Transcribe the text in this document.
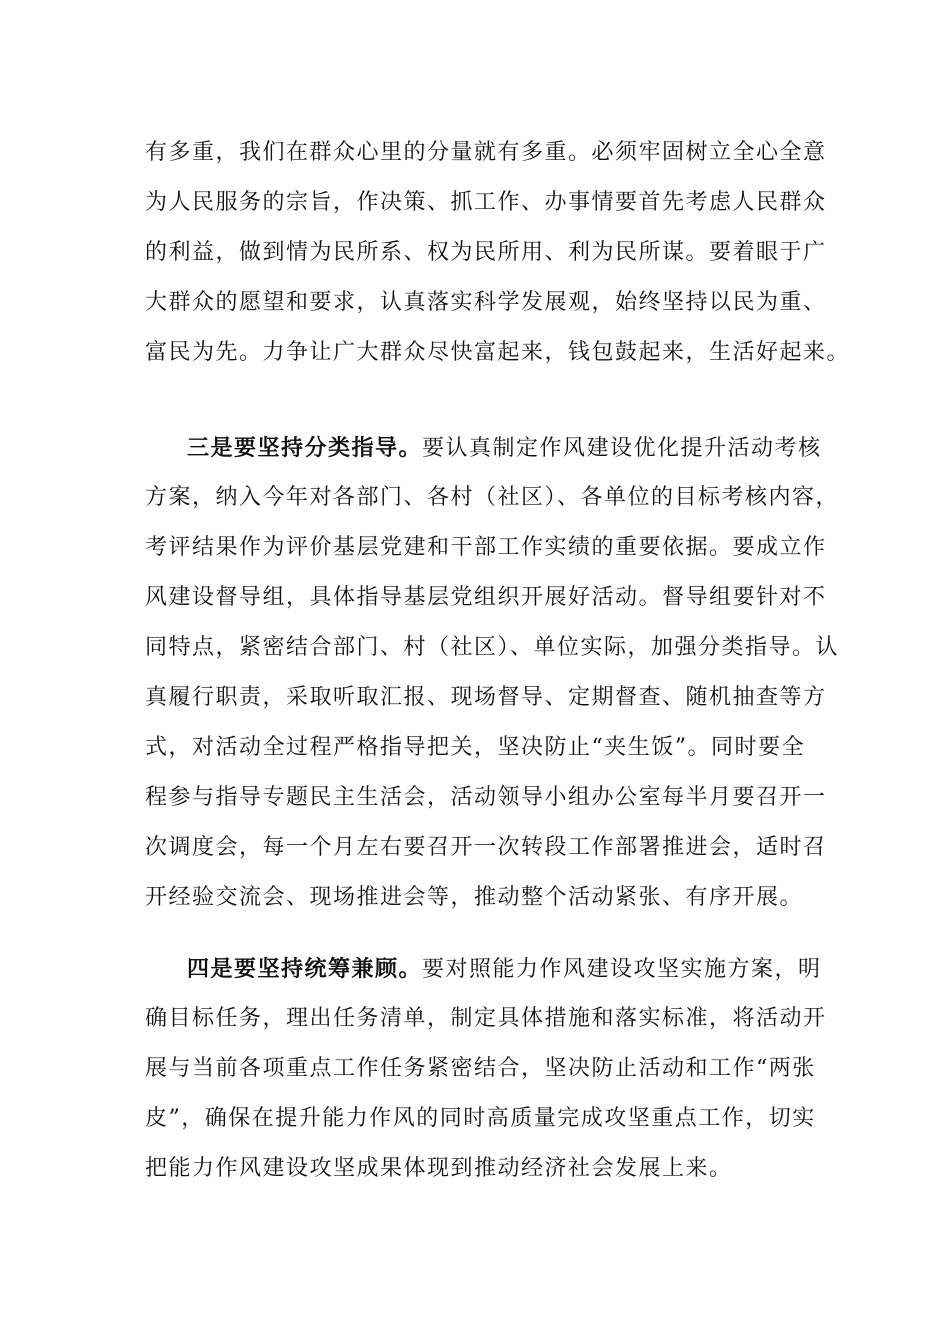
有多重，我们在群众心里的分量就有多重。必须牢固树立全心全意
为人民服务的宗旨，作决策、抓工作、办事情要首先考虑人民群众
的利益，做到情为民所系、权为民所用、利为民所谋。要着眼于广
大群众的愿望和要求，认真落实科学发展观，始终坚持以民为重、
富民为先。力争让广大群众尽快富起来，钱包鼓起来，生活好起来。
三是要坚持分类指导。要认真制定作风建设优化提升活动考核
方案，纳入今年对各部门、各村（社区）、各单位的目标考核内容，
考评结果作为评价基层党建和干部工作实绩的重要依据。要成立作
风建设督导组，具体指导基层党组织开展好活动。督导组要针对不
同特点，紧密结合部门、村（社区）、单位实际，加强分类指导。认
真履行职责，采取听取汇报、现场督导、定期督查、随机抽查等方
式，对活动全过程严格指导把关，坚决防止“夹生饭”。同时要全
程参与指导专题民主生活会，活动领导小组办公室每半月要召开一
次调度会，每一个月左右要召开一次转段工作部署推进会，适时召
开经验交流会、现场推进会等，推动整个活动紧张、有序开展。
四是要坚持统筹兼顾。要对照能力作风建设攻坚实施方案，明
确目标任务，理出任务清单，制定具体措施和落实标准，将活动开
展与当前各项重点工作任务紧密结合，坚决防止活动和工作“两张
皮”，确保在提升能力作风的同时高质量完成攻坚重点工作，切实
把能力作风建设攻坚成果体现到推动经济社会发展上来。
